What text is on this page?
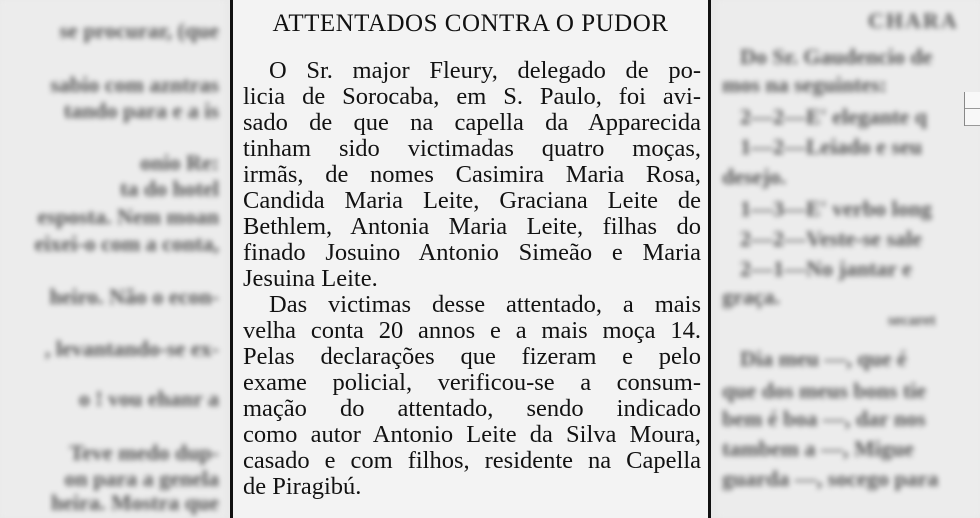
se procurar, (que
sabio com azntras
tando para e a is
onio Re:
ta do hotel
esposta. Nem moan
eixei-o com a conta,
heiro. Não o econ-
, levantando-se ex-
o ! vou ehanr a
Teve medo dup-
on para a genela
heira. Mostra que
CHARA
Do Sr. Gaudencio de
mos na seguintes:
2—2—E' elegante q
1—2—Leiado e seu
desejo.
1—3—E' verbo long
2—2—Veste-se sale
2—1—No jantar e
graça.
secaret
Dia meu —, que é
que dos meus bons tie
bem é boa —, dar nos
tambem a —, Migue
guarda —, socego para
ATTENTADOS CONTRA O PUDOR
O Sr. major Fleury, delegado de po-
licia de Sorocaba, em S. Paulo, foi avi-
sado de que na capella da Apparecida
tinham sido victimadas quatro moças,
irmãs, de nomes Casimira Maria Rosa,
Candida Maria Leite, Graciana Leite de
Bethlem, Antonia Maria Leite, filhas do
finado Josuino Antonio Simeão e Maria
Jesuina Leite.
Das victimas desse attentado, a mais
velha conta 20 annos e a mais moça 14.
Pelas declarações que fizeram e pelo
exame policial, verificou-se a consum-
mação do attentado, sendo indicado
como autor Antonio Leite da Silva Moura,
casado e com filhos, residente na Capella
de Piragibú.
